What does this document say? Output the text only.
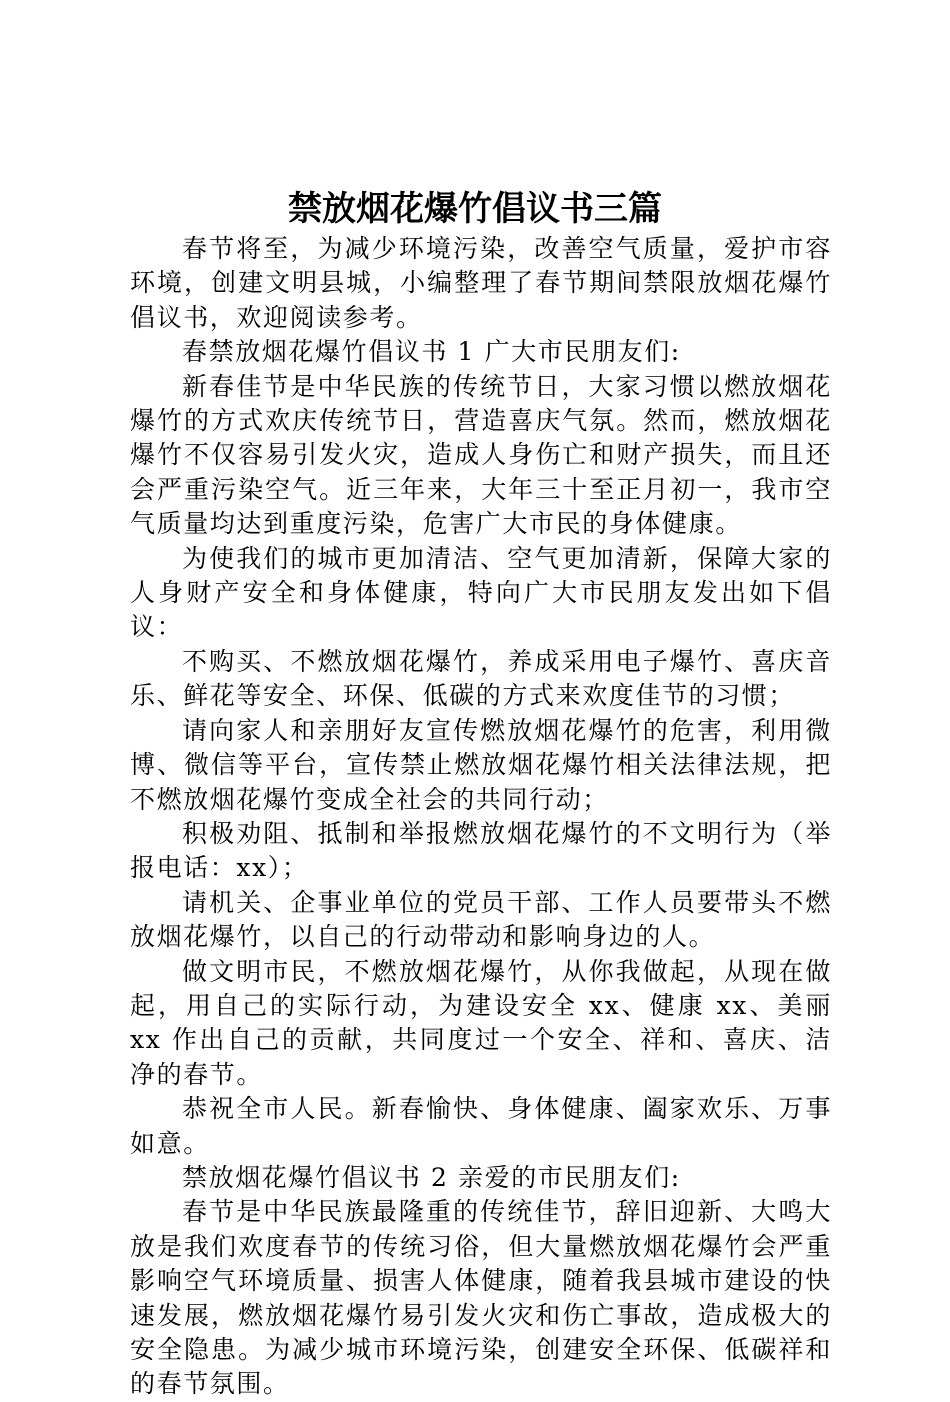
禁放烟花爆竹倡议书三篇

春节将至，为减少环境污染，改善空气质量，爱护市容环境，创建文明县城，小编整理了春节期间禁限放烟花爆竹倡议书，欢迎阅读参考。

春禁放烟花爆竹倡议书 1 广大市民朋友们:

新春佳节是中华民族的传统节日，大家习惯以燃放烟花爆竹的方式欢庆传统节日，营造喜庆气氛。然而，燃放烟花爆竹不仅容易引发火灾，造成人身伤亡和财产损失，而且还会严重污染空气。近三年来，大年三十至正月初一，我市空气质量均达到重度污染，危害广大市民的身体健康。

为使我们的城市更加清洁、空气更加清新，保障大家的人身财产安全和身体健康，特向广大市民朋友发出如下倡议：

不购买、不燃放烟花爆竹，养成采用电子爆竹、喜庆音乐、鲜花等安全、环保、低碳的方式来欢度佳节的习惯；

请向家人和亲朋好友宣传燃放烟花爆竹的危害，利用微博、微信等平台，宣传禁止燃放烟花爆竹相关法律法规，把不燃放烟花爆竹变成全社会的共同行动；

积极劝阻、抵制和举报燃放烟花爆竹的不文明行为（举报电话：xx）；

请机关、企事业单位的党员干部、工作人员要带头不燃放烟花爆竹，以自己的行动带动和影响身边的人。

做文明市民，不燃放烟花爆竹，从你我做起，从现在做起，用自己的实际行动，为建设安全 xx、健康 xx、美丽 xx 作出自己的贡献，共同度过一个安全、祥和、喜庆、洁净的春节。

恭祝全市人民。新春愉快、身体健康、阖家欢乐、万事如意。

禁放烟花爆竹倡议书 2 亲爱的市民朋友们:

春节是中华民族最隆重的传统佳节，辞旧迎新、大鸣大放是我们欢度春节的传统习俗，但大量燃放烟花爆竹会严重影响空气环境质量、损害人体健康，随着我县城市建设的快速发展，燃放烟花爆竹易引发火灾和伤亡事故，造成极大的安全隐患。为减少城市环境污染，创建安全环保、低碳祥和的春节氛围。
